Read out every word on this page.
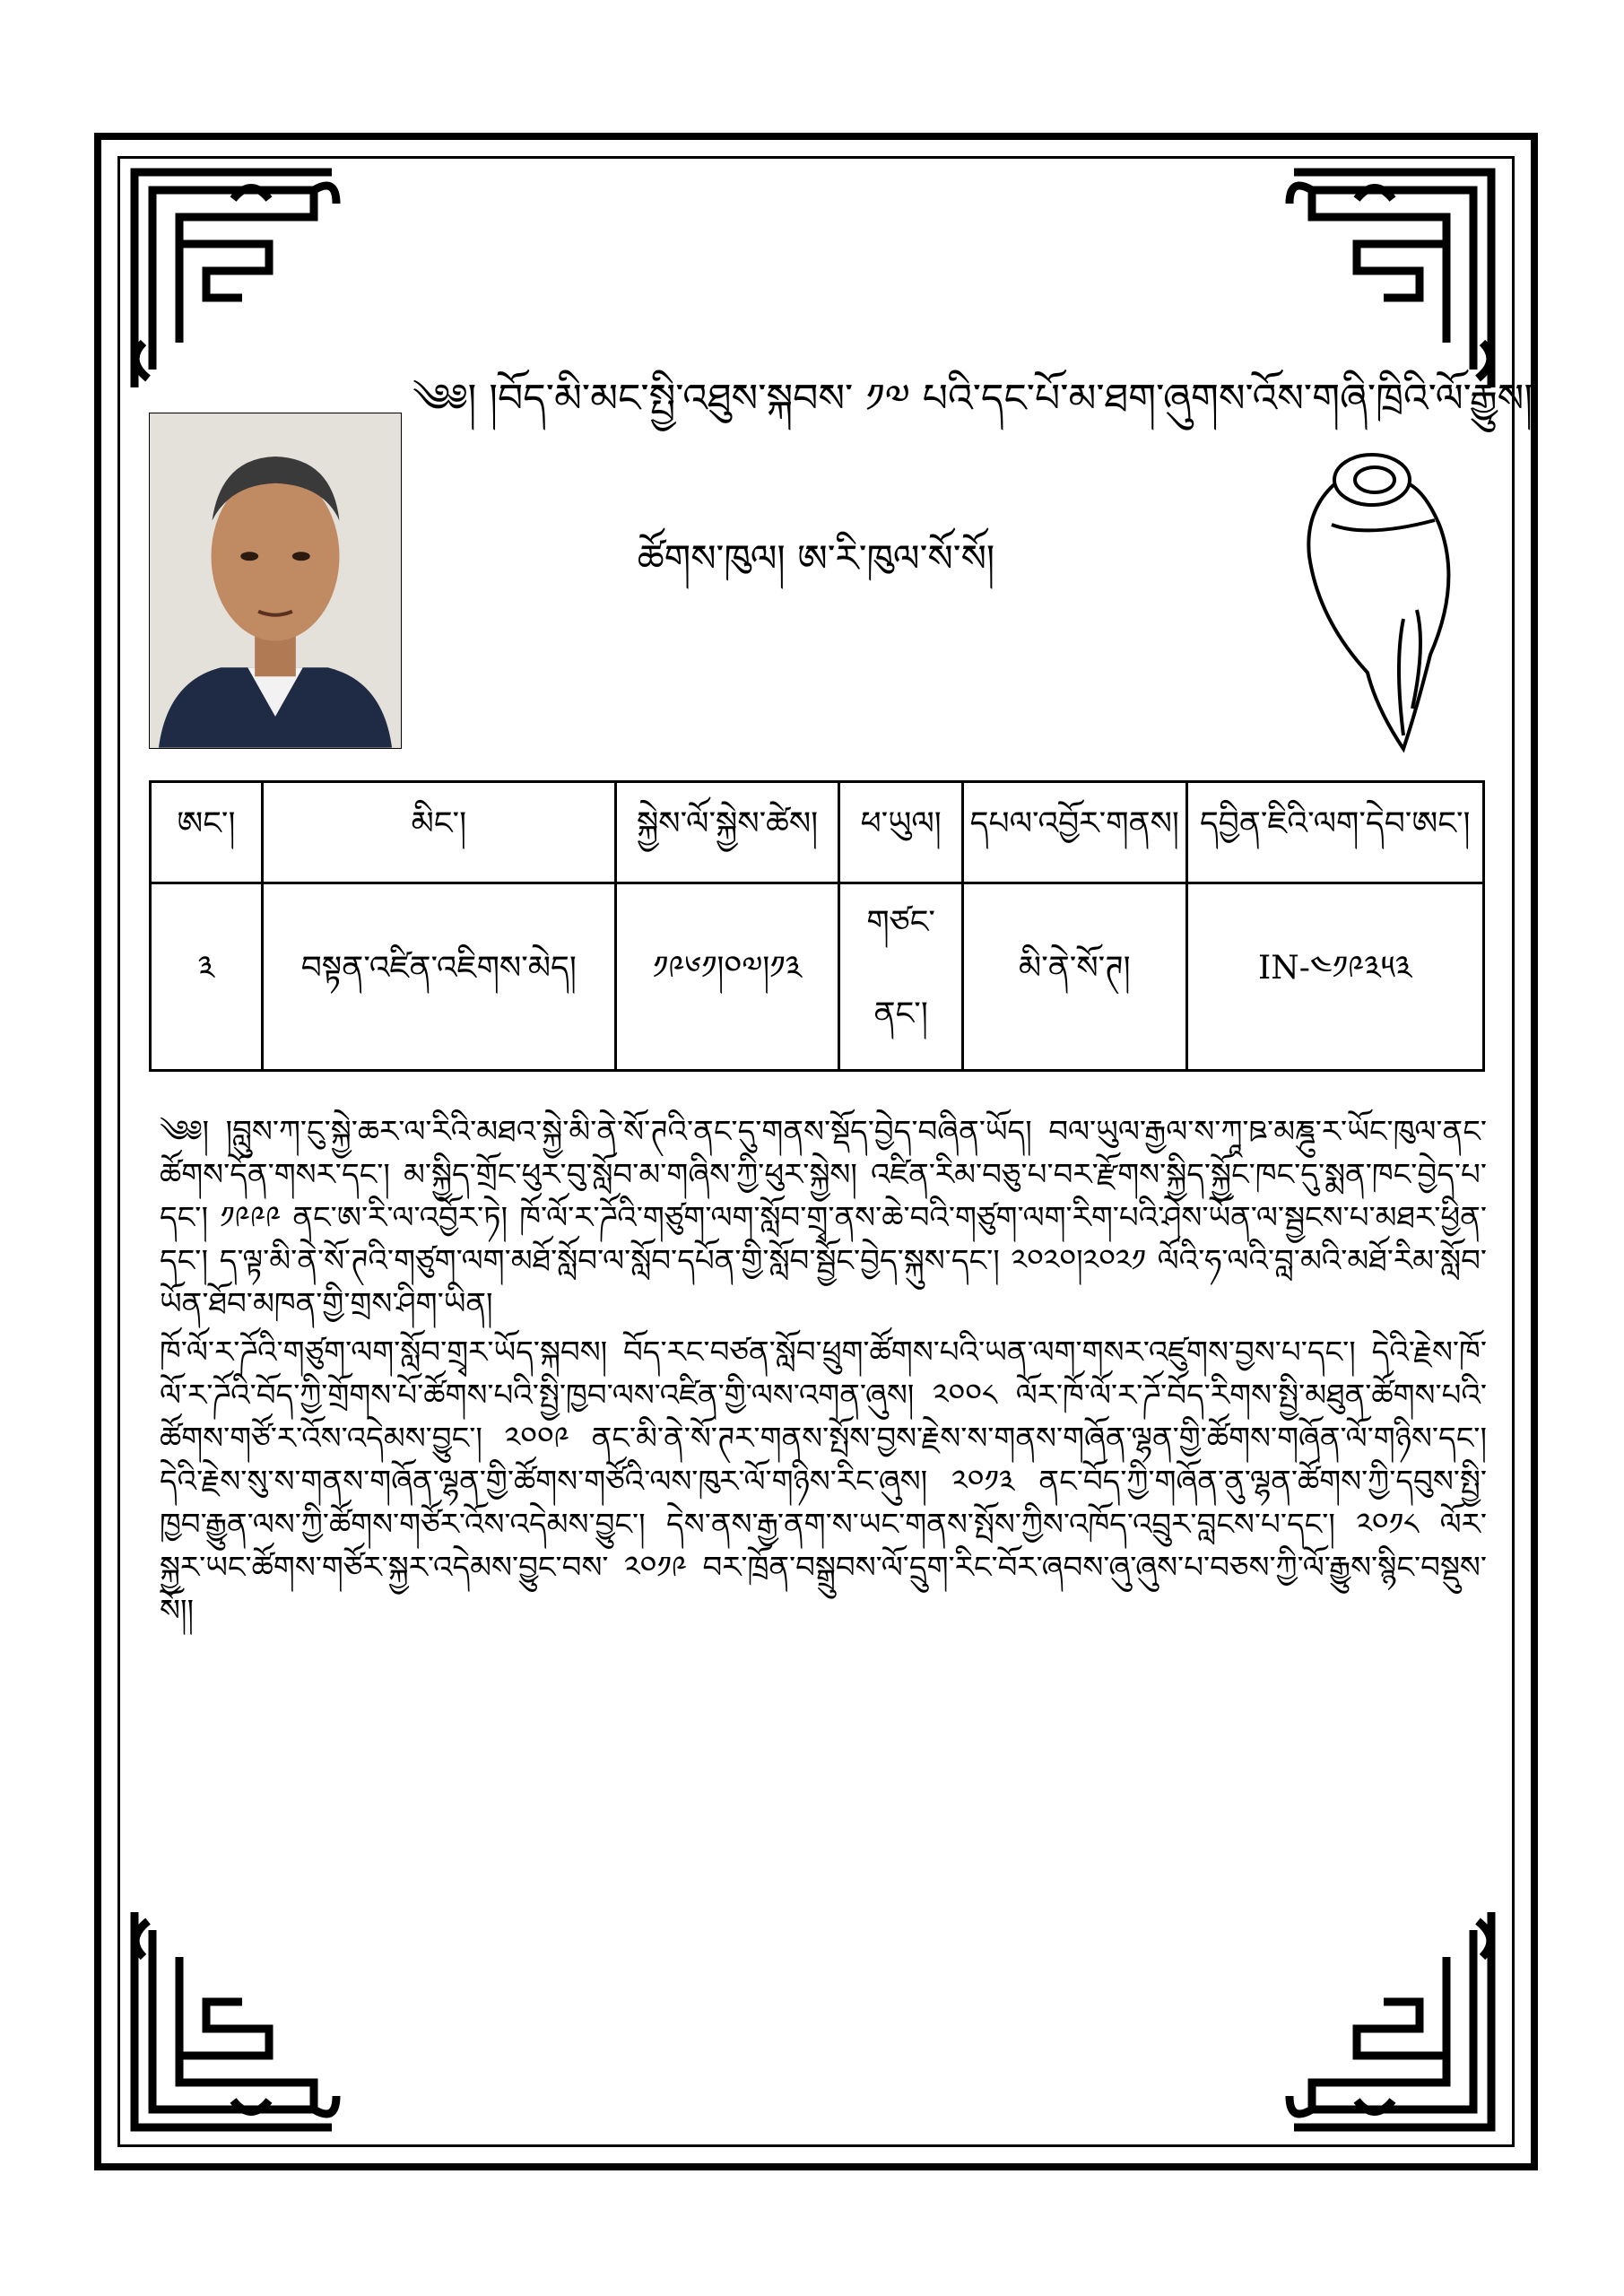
༄༅། །བོད་མི་མང་སྤྱི་འཐུས་སྐབས་ ༡༧ པའི་དང་པོ་མ་ཐག་ཞུགས་འོས་གཞི་ཁྲིའི་ལོ་རྒྱུས།
ཚོགས་ཁུལ། ཨ་རི་ཁུལ་སོ་སོ།
ཨང་།	མིང་།	སྐྱེས་ལོ་སྐྱེས་ཚེས།	ཕ་ཡུལ།	དཔལ་འབྱོར་གནས།	དབྱིན་ཇིའི་ལག་དེབ་ཨང་།
༣	བསྟན་འཛིན་འཇིགས་མེད།	༡༩༦༡།༠༧།༡༣	གཙང་ནང་།	མི་ནེ་སོ་ཊ།	IN-༤༡༩༣༥༣

༄༅། །བླུས་ཀ་ངུ་སྐྱེ་ཆར་ལ་རིའི་མཐའ་སྐྱེ་མི་ནེ་སོ་ཊའི་ནང་དུ་གནས་སྡོད་བྱེད་བཞིན་ཡོད། བལ་ཡུལ་རྒྱལ་ས་ཀཱ་ཋ་མཎྜུ་ར་ཡོང་ཁུལ་ནང་ཚོགས་དོན་གསར་དང་། མ་སྐྱིད་གྲོང་ཕུར་བུ་སློབ་མ་གཞིས་ཀྱི་ཕུར་སྐྱེས། འཛིན་རིམ་བཅུ་པ་བར་རྫོགས་སྐྱིད་སྐྱོང་ཁང་དུ་སྨན་ཁང་བྱེད་པ་དང་། ༡༩༩༩ ནང་ཨ་རི་ལ་འབྱོར་ཏེ། ཁོ་ལོ་ར་ཌོའི་གཙུག་ལག་སློབ་གྲྭ་ནས་ཆེ་བའི་གཙུག་ལག་རིག་པའི་ཤེས་ཡོན་ལ་སྦྱངས་པ་མཐར་ཕྱིན་དང་། ད་ལྟ་མི་ནེ་སོ་ཊའི་གཙུག་ལག་མཐོ་སློབ་ལ་སློབ་དཔོན་གྱི་སློབ་སྦྱོང་བྱེད་སྐུས་དང་། ༢༠༢༠།༢༠༢༡ ལོའི་ཧ་ལའི་བླ་མའི་མཐོ་རིམ་སློབ་ཡོན་ཐོབ་མཁན་གྱི་གྲས་ཤིག་ཡིན།

ཁོ་ལོ་ར་ཌོའི་གཙུག་ལག་སློབ་གྲྭར་ཡོད་སྐབས། བོད་རང་བཙན་སློབ་ཕྲུག་ཚོགས་པའི་ཡན་ལག་གསར་འཛུགས་བྱས་པ་དང་། དེའི་རྗེས་ཁོ་ལོ་ར་ཌོའི་བོད་ཀྱི་གྲོགས་པོ་ཚོགས་པའི་སྤྱི་ཁྱབ་ལས་འཛིན་གྱི་ལས་འགན་ཞུས། ༢༠༠༨ ལོར་ཁོ་ལོ་ར་ཌོ་བོད་རིགས་སྤྱི་མཐུན་ཚོགས་པའི་ཚོགས་གཙོ་ར་འོས་འདེམས་བྱུང་། ༢༠༠༩ ནང་མི་ནེ་སོ་ཊར་གནས་སྤོས་བྱས་རྗེས་ས་གནས་གཞོན་ལྷན་གྱི་ཚོགས་གཞོན་ལོ་གཉིས་དང་། དེའི་རྗེས་སུ་ས་གནས་གཞོན་ལྷན་གྱི་ཚོགས་གཙོའི་ལས་ཁུར་ལོ་གཉིས་རིང་ཞུས། ༢༠༡༣ ནང་བོད་ཀྱི་གཞོན་ནུ་ལྷན་ཚོགས་ཀྱི་དབུས་སྤྱི་ཁྱབ་རྒྱུན་ལས་ཀྱི་ཚོགས་གཙོར་འོས་འདེམས་བྱུང་། དེས་ནས་རྒྱ་ནག་ས་ཡང་གནས་སྤོས་ཀྱིས་འཁོད་འབྲུར་བླངས་པ་དང་། ༢༠༡༨ ལོར་སྐྱར་ཡང་ཚོགས་གཙོར་སྐྱར་འདེམས་བྱུང་བས་ ༢༠༡༩ བར་ཁྲོན་བསྒྲུབས་ལོ་དྲུག་རིང་བོར་ཞབས་ཞུ་ཞུས་པ་བཅས་ཀྱི་ལོ་རྒྱུས་སྙིང་བསྡུས་སོ།།
